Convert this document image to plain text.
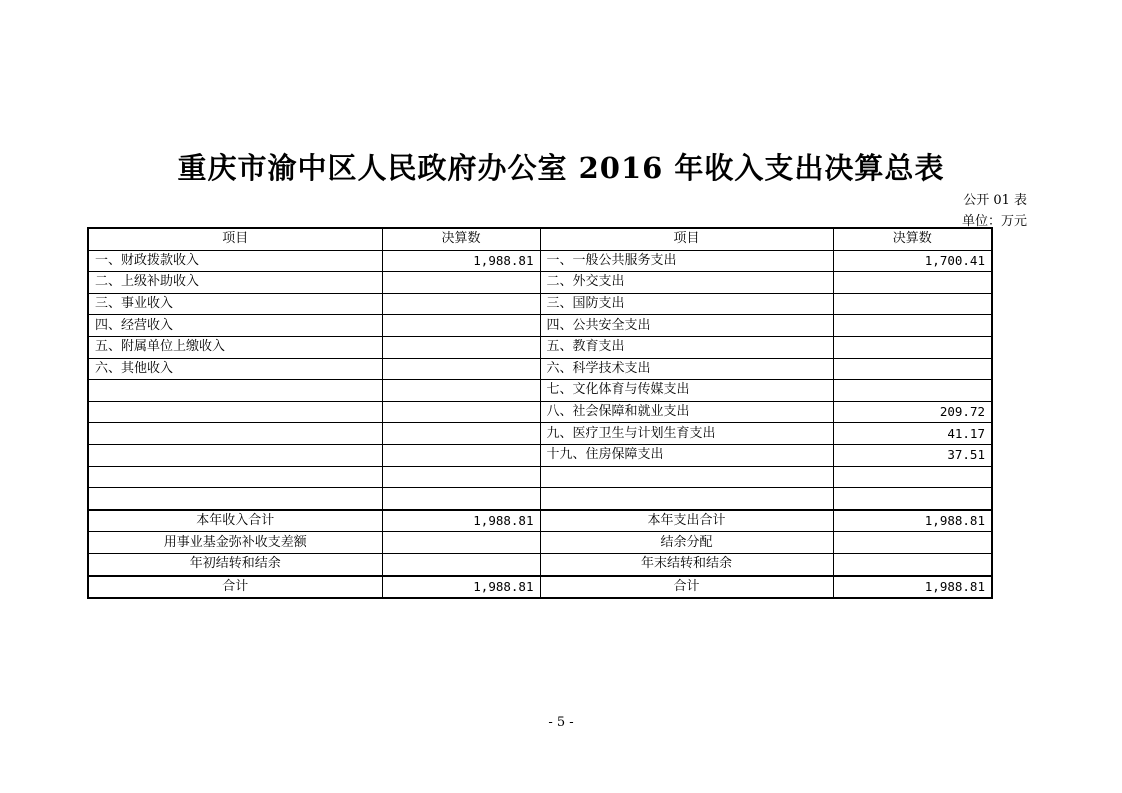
重庆市渝中区人民政府办公室 2016 年收入支出决算总表
公开 01 表
单位：万元
项目	决算数	项目	决算数
一、财政拨款收入	1,988.81	一、一般公共服务支出	1,700.41
二、上级补助收入		二、外交支出	
三、事业收入		三、国防支出	
四、经营收入		四、公共安全支出	
五、附属单位上缴收入		五、教育支出	
六、其他收入		六、科学技术支出	
		七、文化体育与传媒支出	
		八、社会保障和就业支出	209.72
		九、医疗卫生与计划生育支出	41.17
		十九、住房保障支出	37.51

本年收入合计	1,988.81	本年支出合计	1,988.81
用事业基金弥补收支差额		结余分配	
年初结转和结余		年末结转和结余	
合计	1,988.81	合计	1,988.81
- 5 -
